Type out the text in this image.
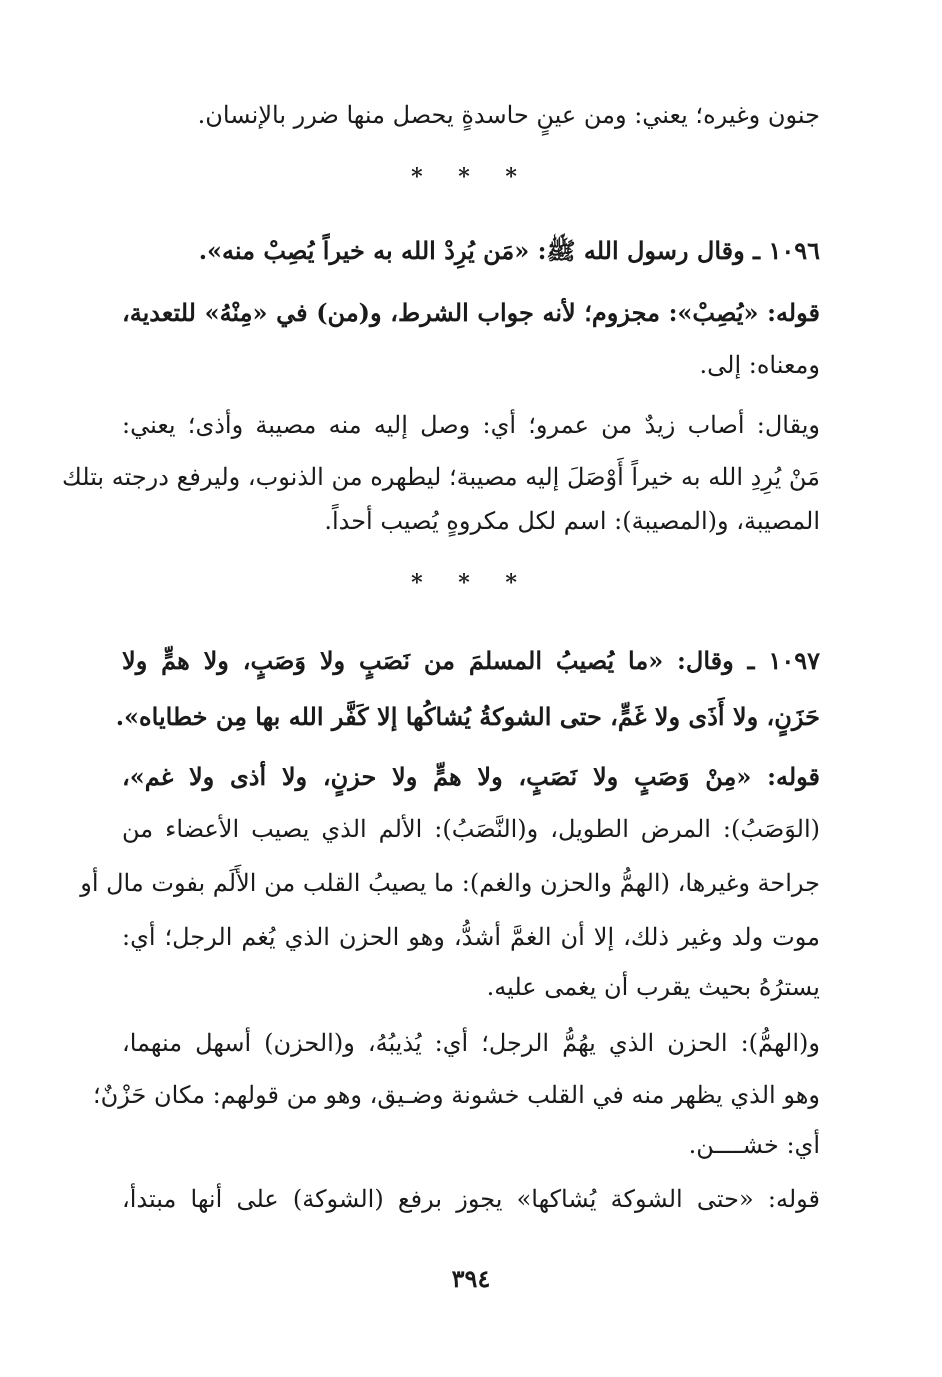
جنون وغيره؛ يعني: ومن عينٍ حاسدةٍ يحصل منها ضرر بالإنسان.
* * *
١٠٩٦ ـ وقال رسول الله ﷺ: «مَن يُرِدْ الله به خيراً يُصِبْ منه».
قوله: «يُصِبْ»: مجزوم؛ لأنه جواب الشرط، و(من) في «مِنْهُ» للتعدية،
ومعناه: إلى.
ويقال: أصاب زيدٌ من عمرو؛ أي: وصل إليه منه مصيبة وأذى؛ يعني:
مَنْ يُرِدِ الله به خيراً أَوْصَلَ إليه مصيبة؛ ليطهره من الذنوب، وليرفع درجته بتلك
المصيبة، و(المصيبة): اسم لكل مكروهٍ يُصيب أحداً.
* * *
١٠٩٧ ـ وقال: «ما يُصيبُ المسلمَ من نَصَبٍ ولا وَصَبٍ، ولا همٍّ ولا
حَزَنٍ، ولا أَذَى ولا غَمٍّ، حتى الشوكةُ يُشاكُها إلا كَفَّر الله بها مِن خطاياه».
قوله: «مِنْ وَصَبٍ ولا نَصَبٍ، ولا همٍّ ولا حزنٍ، ولا أذى ولا غم»،
(الوَصَبُ): المرض الطويل، و(النَّصَبُ): الألم الذي يصيب الأعضاء من
جراحة وغيرها، (الهمُّ والحزن والغم): ما يصيبُ القلب من الأَلَم بفوت مال أو
موت ولد وغير ذلك، إلا أن الغمَّ أشدُّ، وهو الحزن الذي يُغم الرجل؛ أي:
يسترُهُ بحيث يقرب أن يغمى عليه.
و(الهمُّ): الحزن الذي يهُمُّ الرجل؛ أي: يُذيبُهُ، و(الحزن) أسهل منهما،
وهو الذي يظهر منه في القلب خشونة وضـيق، وهو من قولهم: مكان حَزْنٌ؛
أي: خشــــن.
قوله: «حتى الشوكة يُشاكها» يجوز برفع (الشوكة) على أنها مبتدأ،
٣٩٤
